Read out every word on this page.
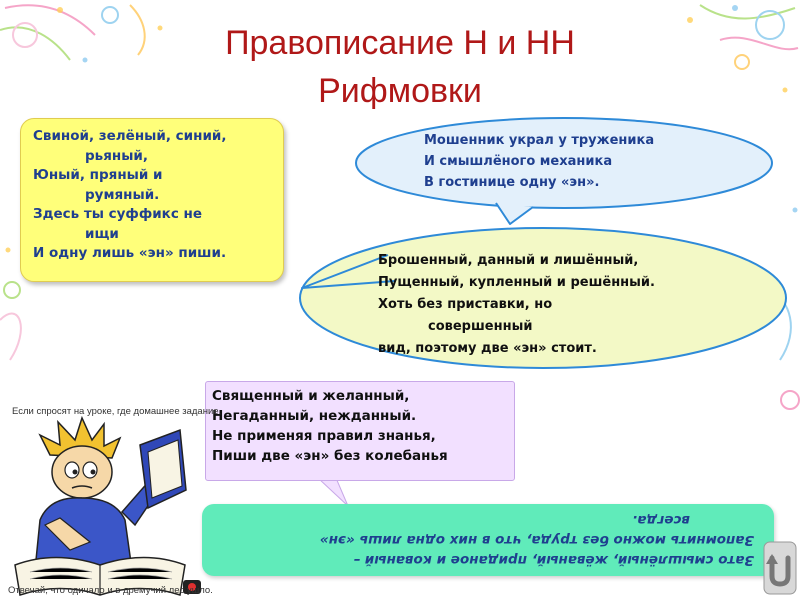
Правописание Н и НН
Рифмовки

Свиной, зелёный, синий,

рьяный,

Юный, пряный и

румяный.

Здесь ты суффикс не

ищи

И одну лишь «эн» пиши.

Мошенник украл у труженика
И смышлёного механика
В гостинице одну «эн».
Брошенный, данный и лишённый,
Пущенный, купленный и решённый.
Хоть без приставки, но
совершенный
вид, поэтому две «эн» стоит.

Священный и желанный,

Негаданный, нежданный.

Не применяя правил знанья,

Пиши две «эн» без колебанья

Зато смышлёный, жёваный, приданое и кованый –
Запомнить можно без труда, что в них одна лишь «эн»
всегда.
Если спросят на уроке, где домашнее задание,
Отвечай, что одичало и в дремучий лес ушло.
